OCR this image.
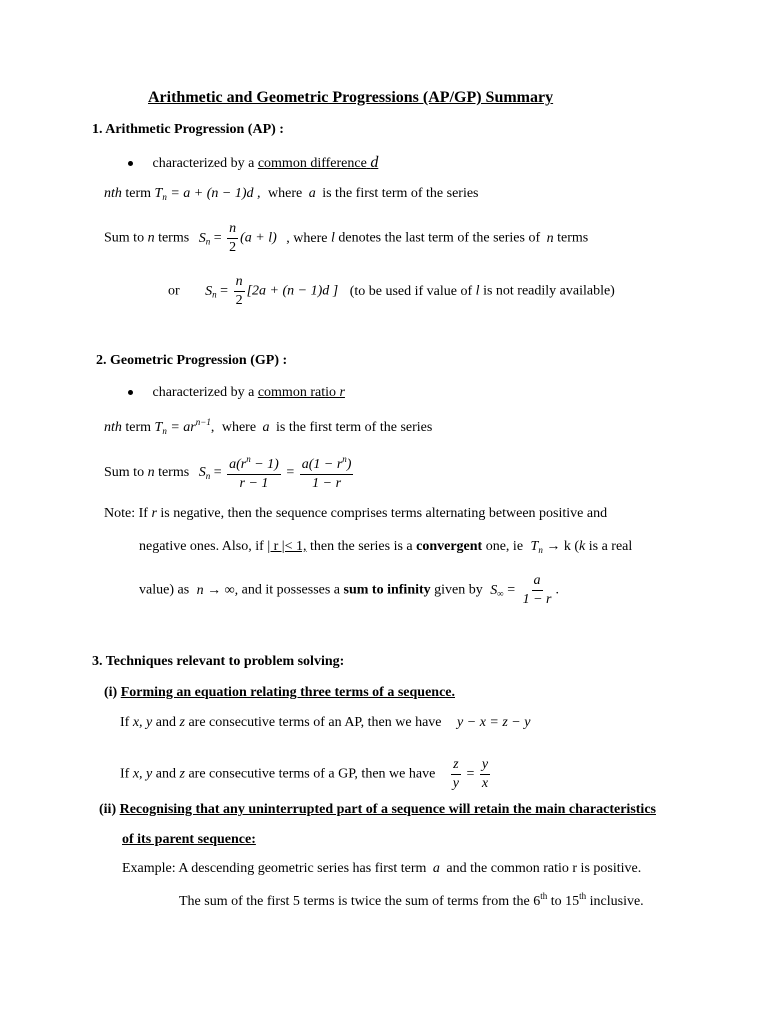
Arithmetic and Geometric Progressions (AP/GP) Summary
1. Arithmetic Progression (AP) :
characterized by a common difference d
nth term $T_n = a + (n - 1)d$ , where a is the first term of the series
Sum to n terms $S_n = \frac{n}{2} (a + l)$ , where l denotes the last term of the series of n terms
or $S_n = \frac{n}{2} [2a + (n - 1)d$ ] (to be used if value of l is not readily available)
2. Geometric Progression (GP) :
characterized by a common ratio r
nth term $T_n = ar^{n-1}$, where a is the first term of the series
Sum to n terms $S_n = \frac{a(r^n - 1)}{r - 1} = \frac{a(1 - r^n)}{1 - r}$
Note: If r is negative, then the sequence comprises terms alternating between positive and
negative ones. Also, if | r |< 1, then the series is a convergent one, ie $T_n \to k$ (k is a real
value) as n → ∞, and it possesses a sum to infinity given by $S_\infty = \frac{a}{1 - r}$ .
3. Techniques relevant to problem solving:
(i) Forming an equation relating three terms of a sequence.
If x, y and z are consecutive terms of an AP, then we have y − x = z − y
If x, y and z are consecutive terms of a GP, then we have $\frac{z}{y} = \frac{y}{x}$
(ii) Recognising that any uninterrupted part of a sequence will retain the main characteristics
of its parent sequence:
Example: A descending geometric series has first term a and the common ratio r is positive.
The sum of the first 5 terms is twice the sum of terms from the 6th to 15th inclusive.
